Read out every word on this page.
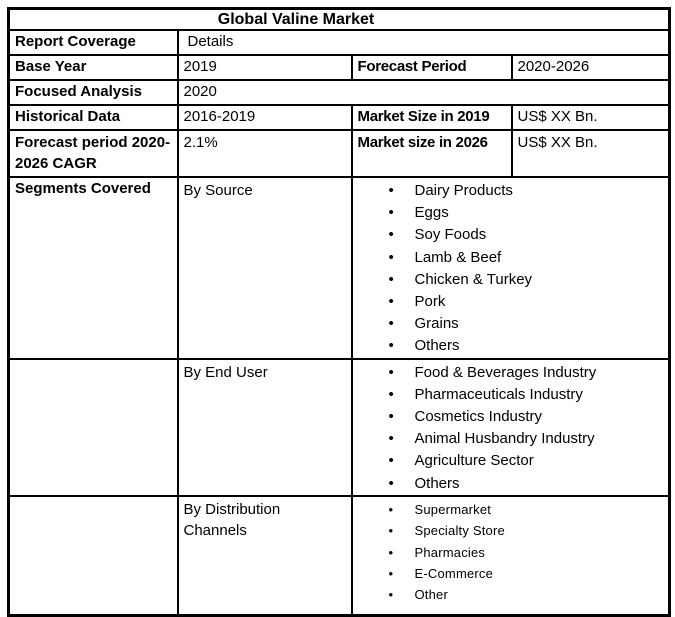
Global Valine Market			
Report Coverage	Details		
Base Year	2019	Forecast Period	2020-2026
Focused Analysis	2020		
Historical Data	2016-2019	Market Size in 2019	US$ XX Bn.
Forecast period 2020-2026 CAGR	2.1%	Market size in 2026	US$ XX Bn.
Segments Covered	By Source	•	Dairy Products
•	Eggs
•	Soy Foods
•	Lamb & Beef
•	Chicken & Turkey
•	Pork
•	Grains
•	Others

	By End User	•	Food & Beverages Industry
•	Pharmaceuticals Industry
•	Cosmetics Industry
•	Animal Husbandry Industry
•	Agriculture Sector
•	Others

	By Distribution Channels	
•	Supermarket
•	Specialty Store
•	Pharmacies
•	E-Commerce
•	Other
